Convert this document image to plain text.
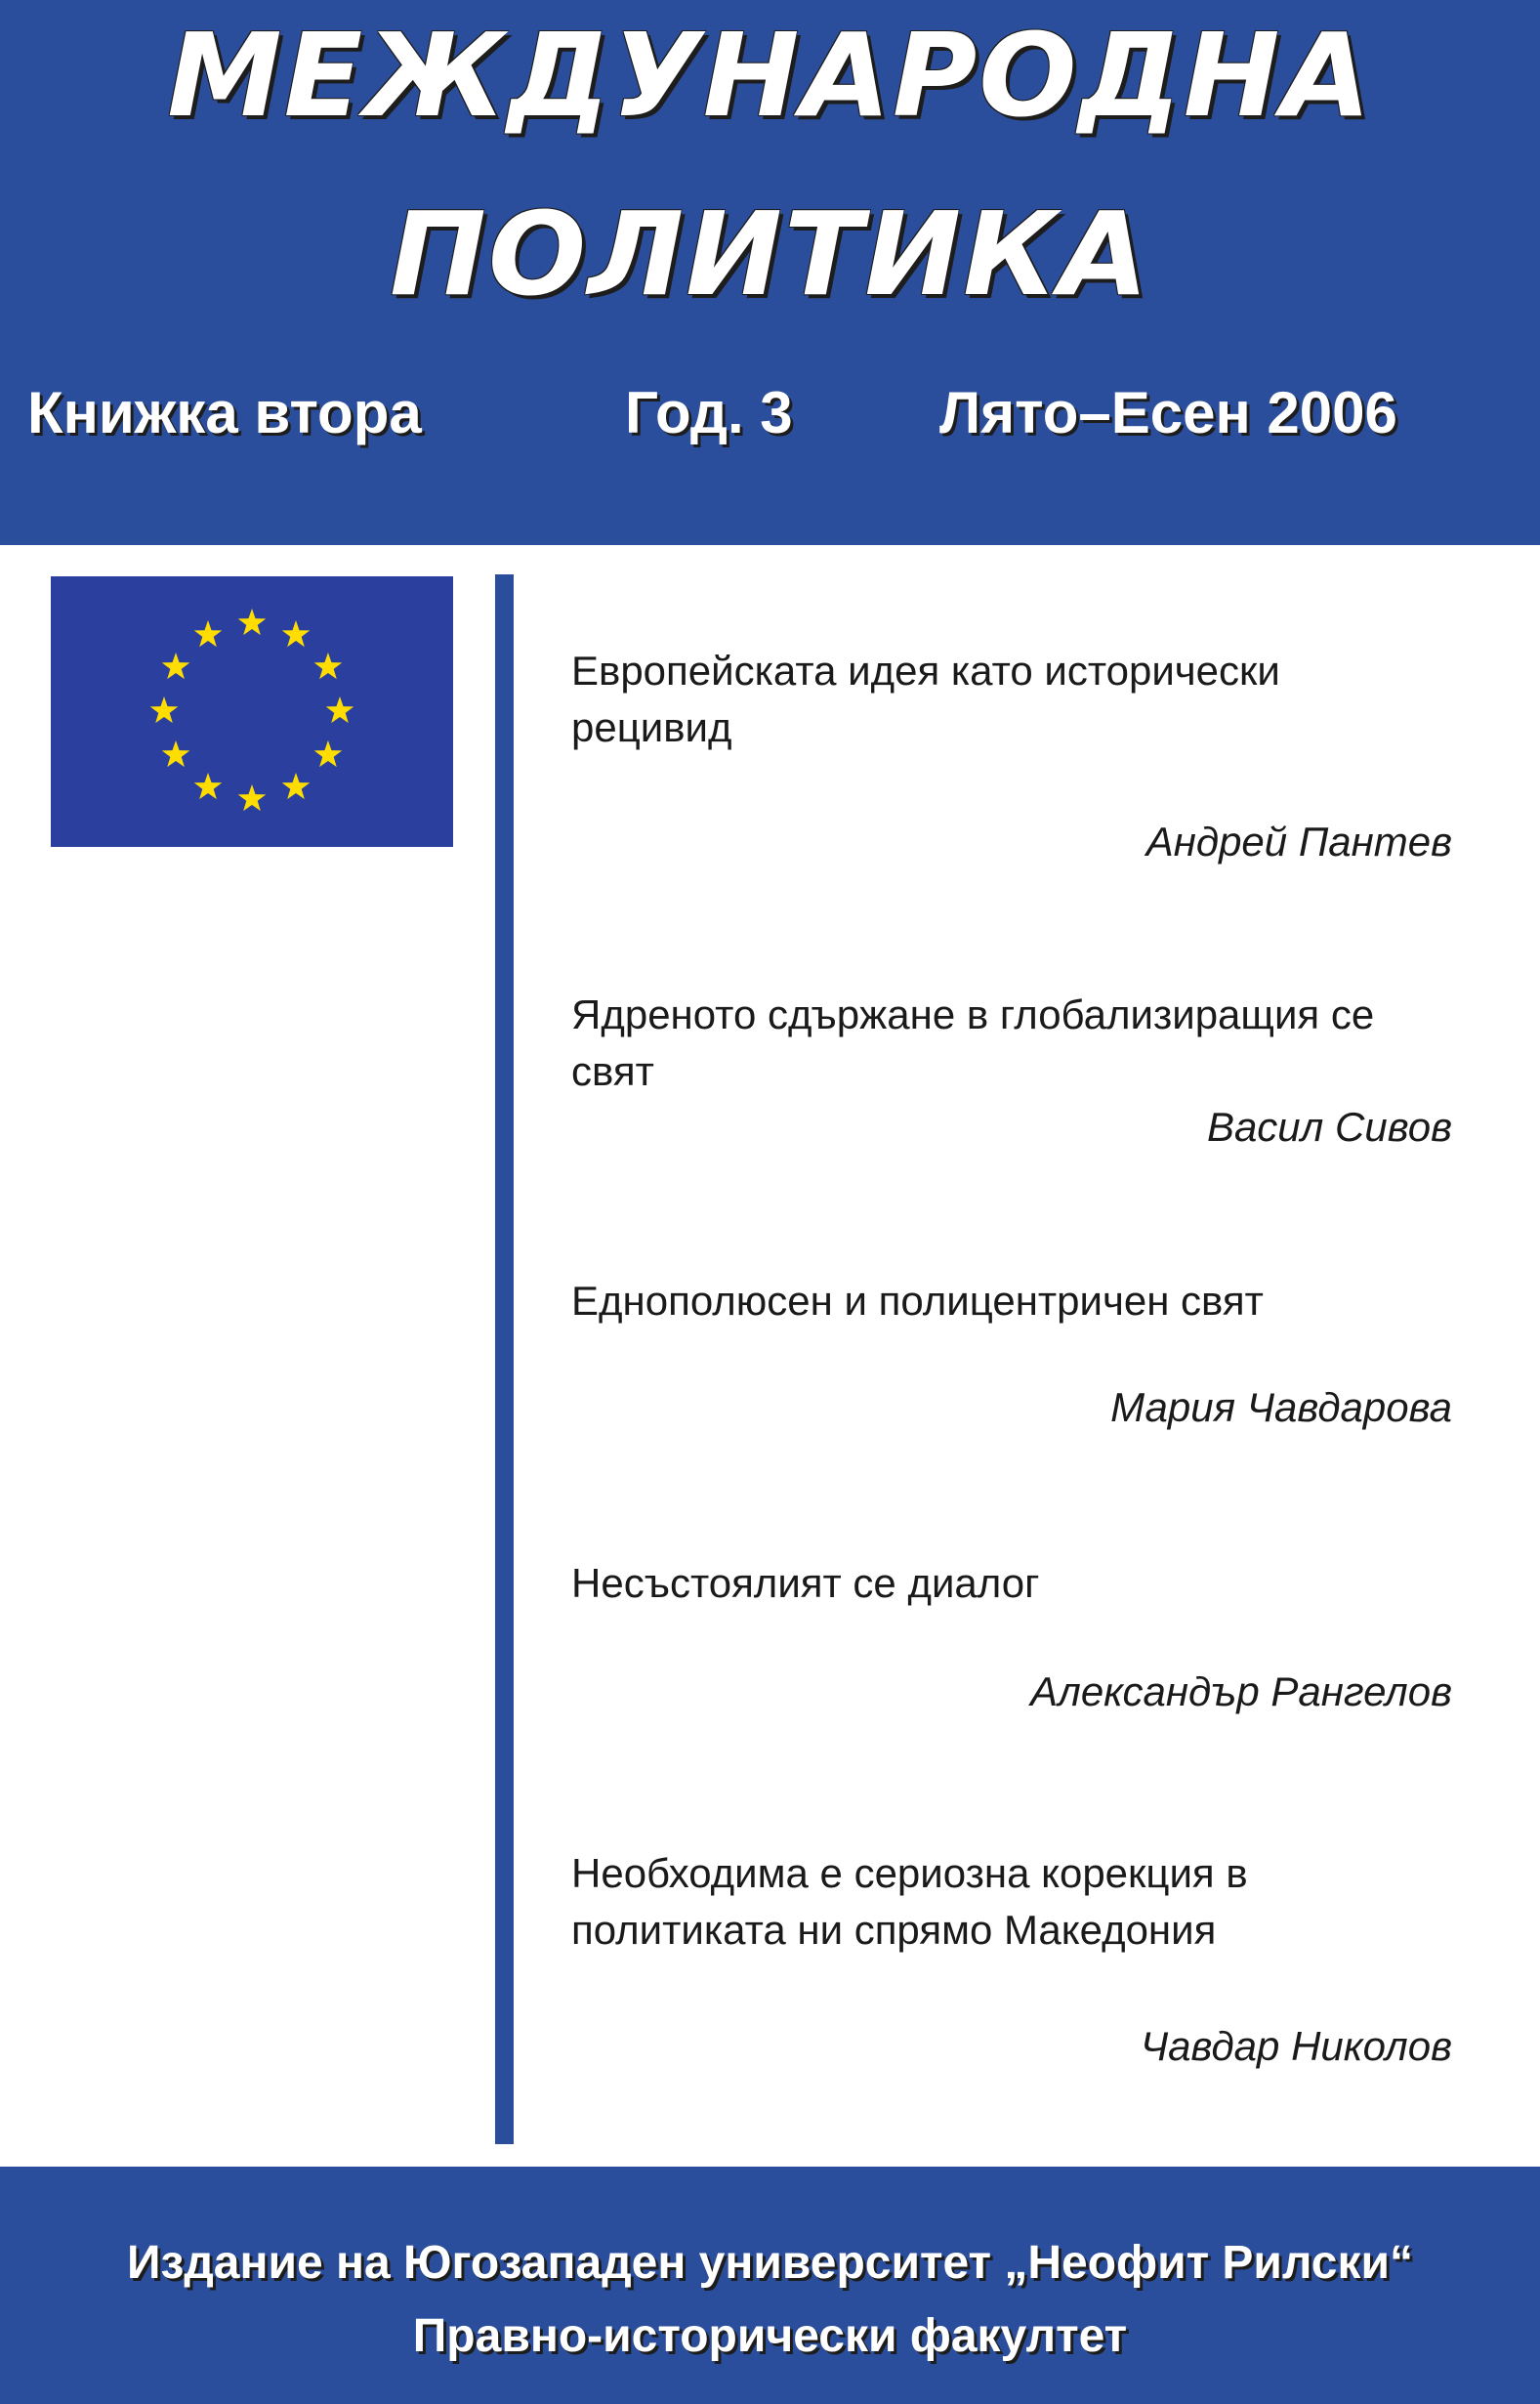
МЕЖДУНАРОДНА
ПОЛИТИКА
Книжка втора	Год. 3	Лято–Есен 2006
Европейската идея като исторически рецивид
Андрей Пантев
Ядреното сдържане в глобализиращия се свят
Васил Сивов
Еднополюсен и полицентричен свят
Мария Чавдарова
Несъстоялият се диалог
Александър Рангелов
Необходима е сериозна корекция в политиката ни спрямо Македония
Чавдар Николов
Издание на Югозападен университет „Неофит Рилски“
Правно-исторически факултет
